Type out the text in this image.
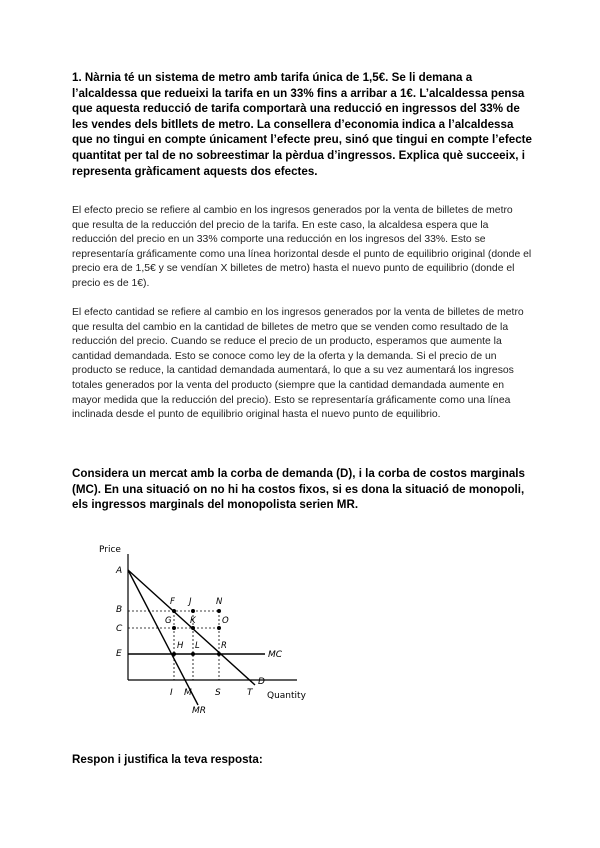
1. Nàrnia té un sistema de metro amb tarifa única de 1,5€. Se li demana a l’alcaldessa que redueixi la tarifa en un 33% fins a arribar a 1€. L’alcaldessa pensa que aquesta reducció de tarifa comportarà una reducció en ingressos del 33% de les vendes dels bitllets de metro. La consellera d’economia indica a l’alcaldessa que no tingui en compte únicament l’efecte preu, sinó que tingui en compte l’efecte quantitat per tal de no sobreestimar la pèrdua d’ingressos. Explica què succeeix, i representa gràficament aquests dos efectes.

El efecto precio se refiere al cambio en los ingresos generados por la venta de billetes de metro que resulta de la reducción del precio de la tarifa. En este caso, la alcaldesa espera que la reducción del precio en un 33% comporte una reducción en los ingresos del 33%. Esto se representaría gráficamente como una línea horizontal desde el punto de equilibrio original (donde el precio era de 1,5€ y se vendían X billetes de metro) hasta el nuevo punto de equilibrio (donde el precio es de 1€).

El efecto cantidad se refiere al cambio en los ingresos generados por la venta de billetes de metro que resulta del cambio en la cantidad de billetes de metro que se venden como resultado de la reducción del precio. Cuando se reduce el precio de un producto, esperamos que aumente la cantidad demandada. Esto se conoce como ley de la oferta y la demanda. Si el precio de un producto se reduce, la cantidad demandada aumentará, lo que a su vez aumentará los ingresos totales generados por la venta del producto (siempre que la cantidad demandada aumente en mayor medida que la reducción del precio). Esto se representaría gráficamente como una línea inclinada desde el punto de equilibrio original hasta el nuevo punto de equilibrio.

Considera un mercat amb la corba de demanda (D), i la corba de costos marginals (MC). En una situació on no hi ha costos fixos, si es dona la situació de monopoli, els ingressos marginals del monopolista serien MR.

Price
Quantity
A
B
C
E
I M	S	T
MC
D
MR
F J	N
G K	O
H L	R

Respon i justifica la teva resposta:
